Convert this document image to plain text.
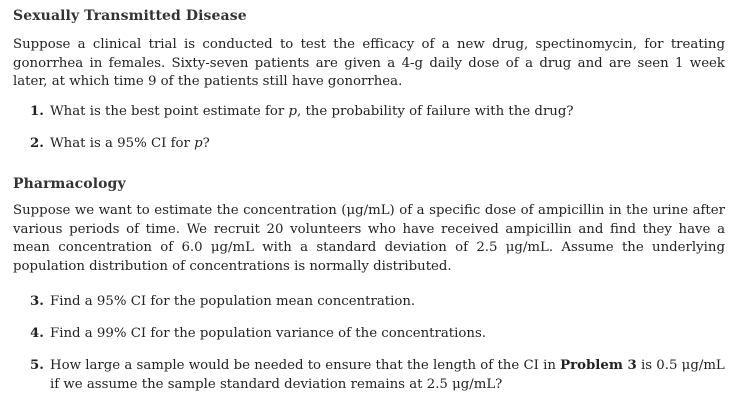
Sexually Transmitted Disease

Suppose a clinical trial is conducted to test the efficacy of a new drug, spectinomycin, for treating gonorrhea in females. Sixty-seven patients are given a 4-g daily dose of a drug and are seen 1 week later, at which time 9 of the patients still have gonorrhea.

1. What is the best point estimate for p, the probability of failure with the drug?
2. What is a 95% CI for p?
Pharmacology

Suppose we want to estimate the concentration (μg/mL) of a specific dose of ampicillin in the urine after various periods of time. We recruit 20 volunteers who have received ampicillin and find they have a mean concentration of 6.0 μg/mL with a standard deviation of 2.5 μg/mL. Assume the underlying population distribution of concentrations is normally distributed.

3. Find a 95% CI for the population mean concentration.
4. Find a 99% CI for the population variance of the concentrations.
5. How large a sample would be needed to ensure that the length of the CI in Problem 3 is 0.5 μg/mL if we assume the sample standard deviation remains at 2.5 μg/mL?
